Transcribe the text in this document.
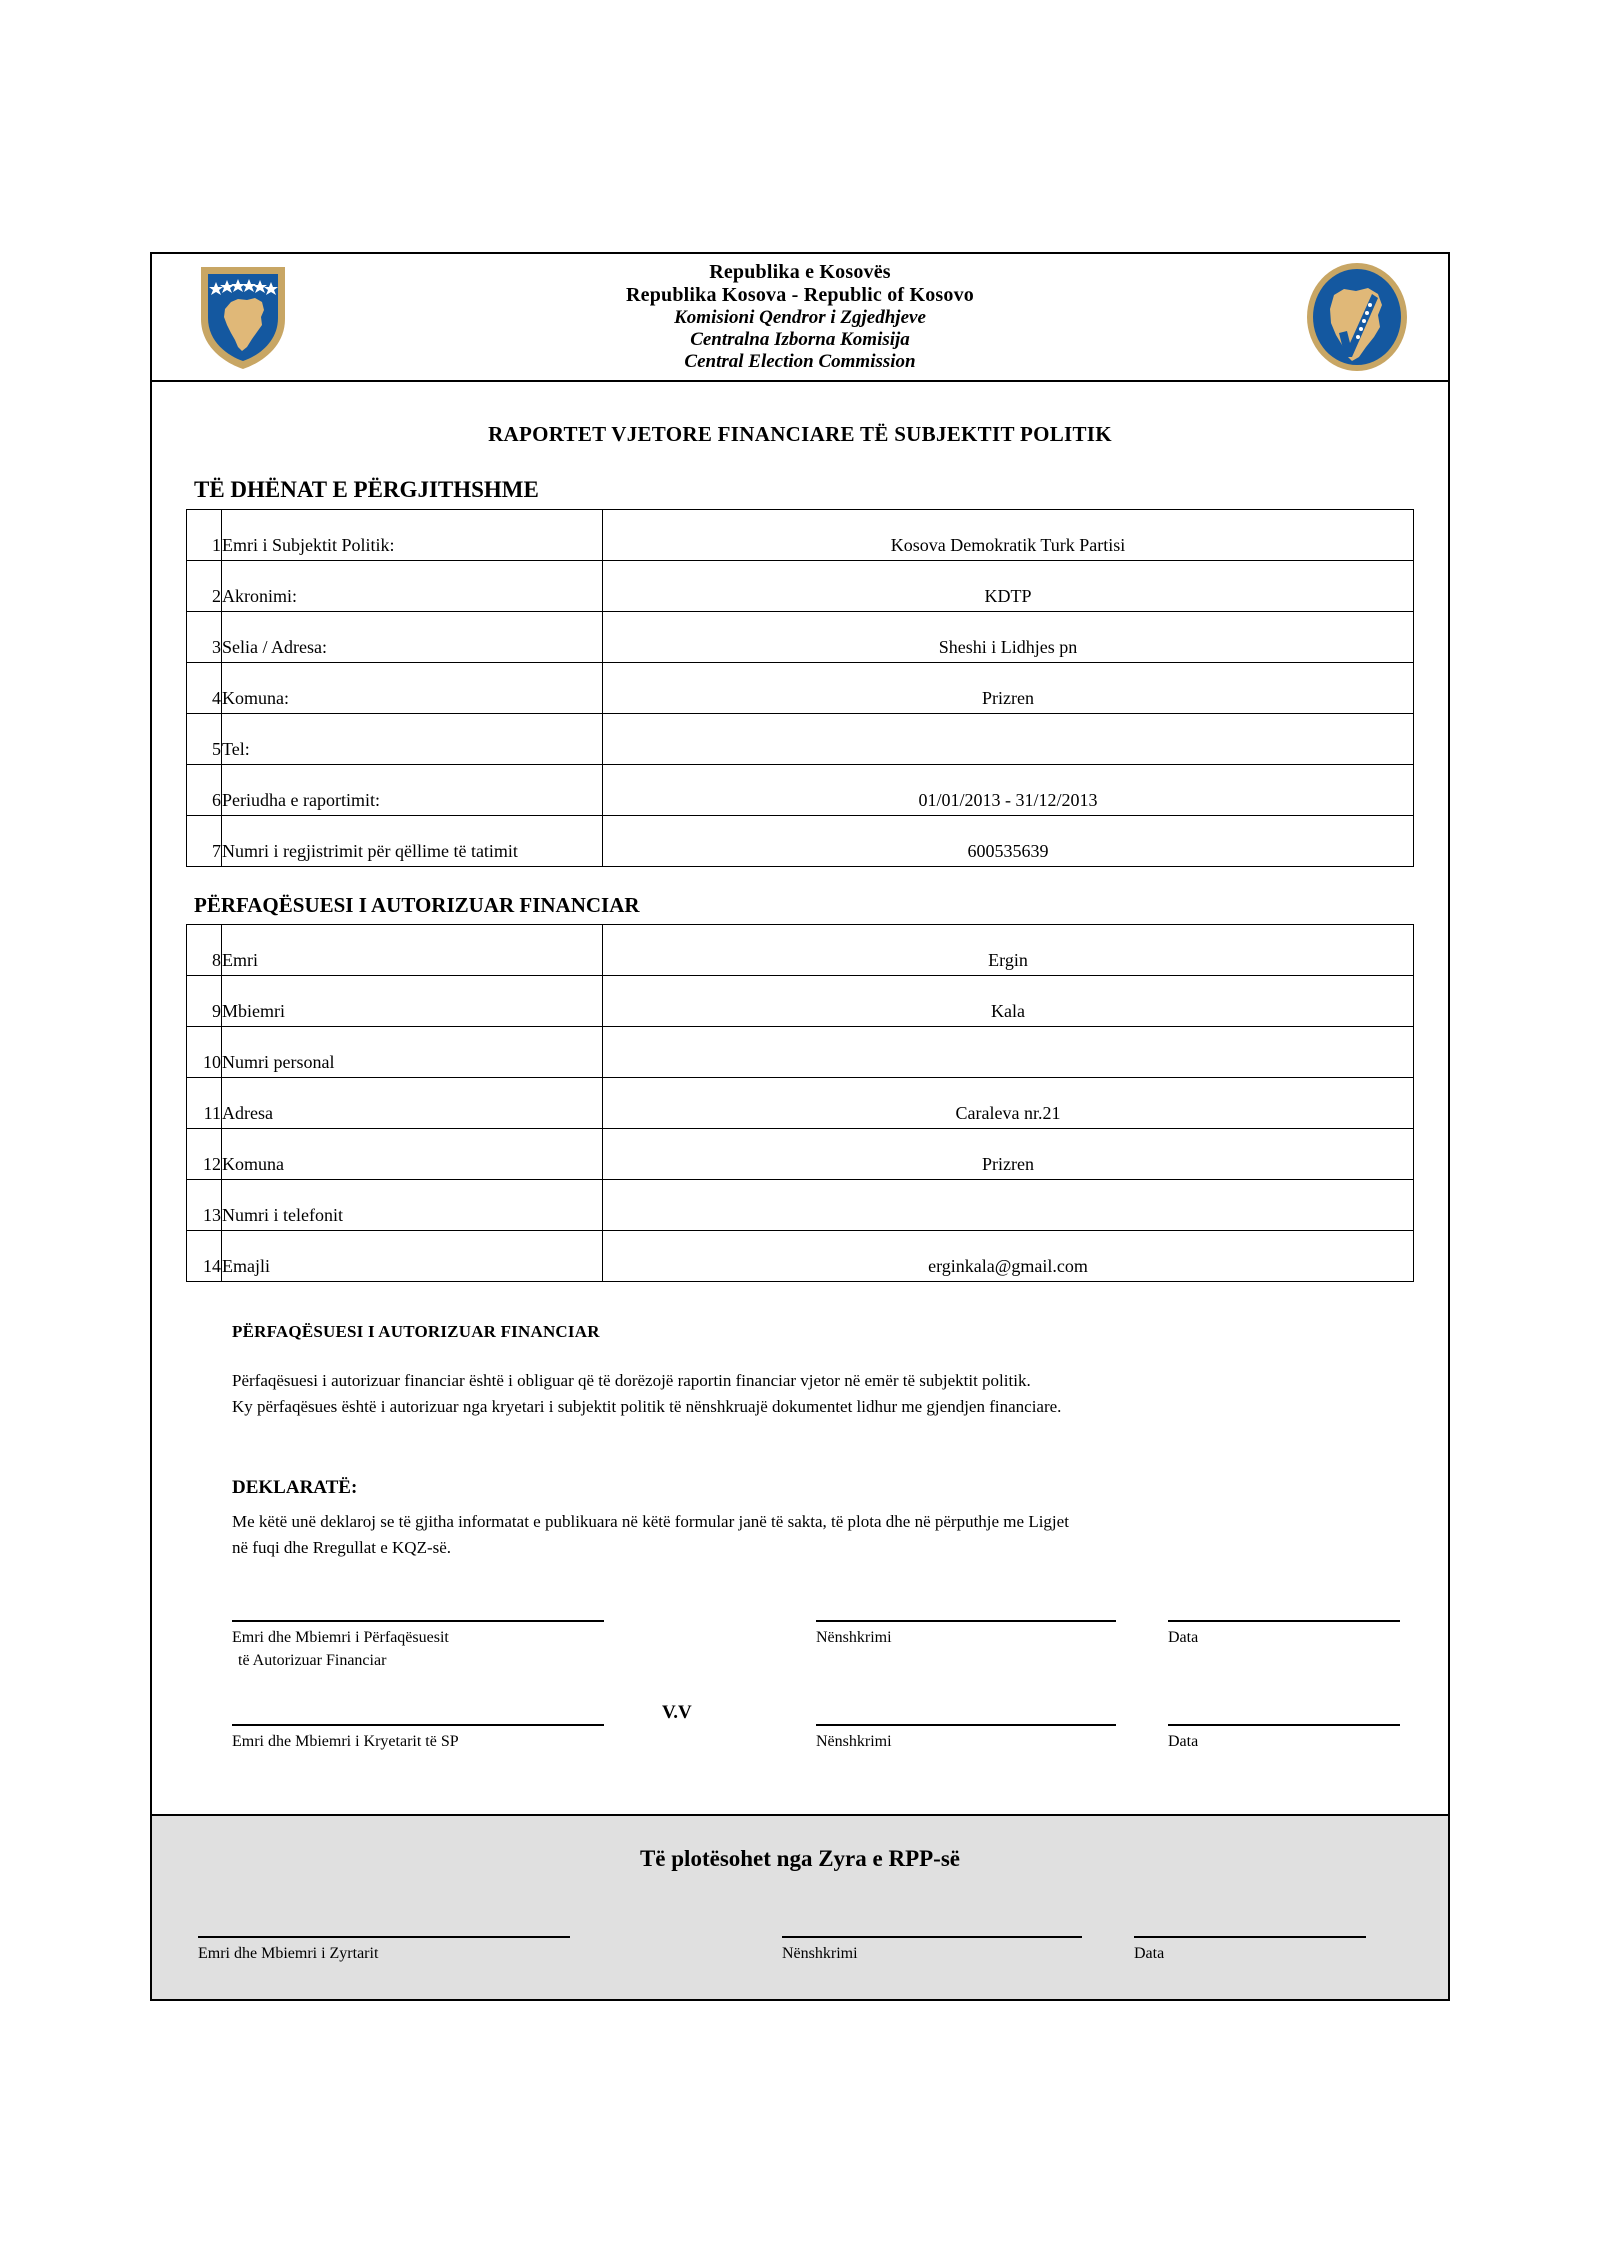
Republika e Kosovës
Republika Kosova - Republic of Kosovo
Komisioni Qendror i Zgjedhjeve
Centralna Izborna Komisija
Central Election Commission
RAPORTET VJETORE FINANCIARE TË SUBJEKTIT POLITIK
TË DHËNAT E PËRGJITHSHME
1	Emri i Subjektit Politik:	Kosova Demokratik Turk Partisi
2	Akronimi:	KDTP
3	Selia / Adresa:	Sheshi i Lidhjes pn
4	Komuna:	Prizren
5	Tel:	
6	Periudha e raportimit:	01/01/2013 - 31/12/2013
7	Numri i regjistrimit për qëllime të tatimit	600535639
PËRFAQËSUESI I AUTORIZUAR FINANCIAR
8	Emri	Ergin
9	Mbiemri	Kala
10	Numri personal	
11	Adresa	Caraleva nr.21
12	Komuna	Prizren
13	Numri i telefonit	
14	Emajli	erginkala@gmail.com
PËRFAQËSUESI I AUTORIZUAR FINANCIAR
Përfaqësuesi i autorizuar financiar është i obliguar që të dorëzojë raportin financiar vjetor në emër të subjektit politik.
Ky përfaqësues është i autorizuar nga kryetari i subjektit politik të nënshkruajë dokumentet lidhur me gjendjen financiare.
DEKLARATË:
Me këtë unë deklaroj se të gjitha informatat e publikuara në këtë formular janë të sakta, të plota dhe në përputhje me Ligjet
në fuqi dhe Rregullat e KQZ-së.
Emri dhe Mbiemri i Përfaqësuesit
të Autorizuar Financiar
Nënshkrimi	Data
V.V
Emri dhe Mbiemri i Kryetarit të SP	Nënshkrimi	Data
Të plotësohet nga Zyra e RPP-së
Emri dhe Mbiemri i Zyrtarit	Nënshkrimi	Data
